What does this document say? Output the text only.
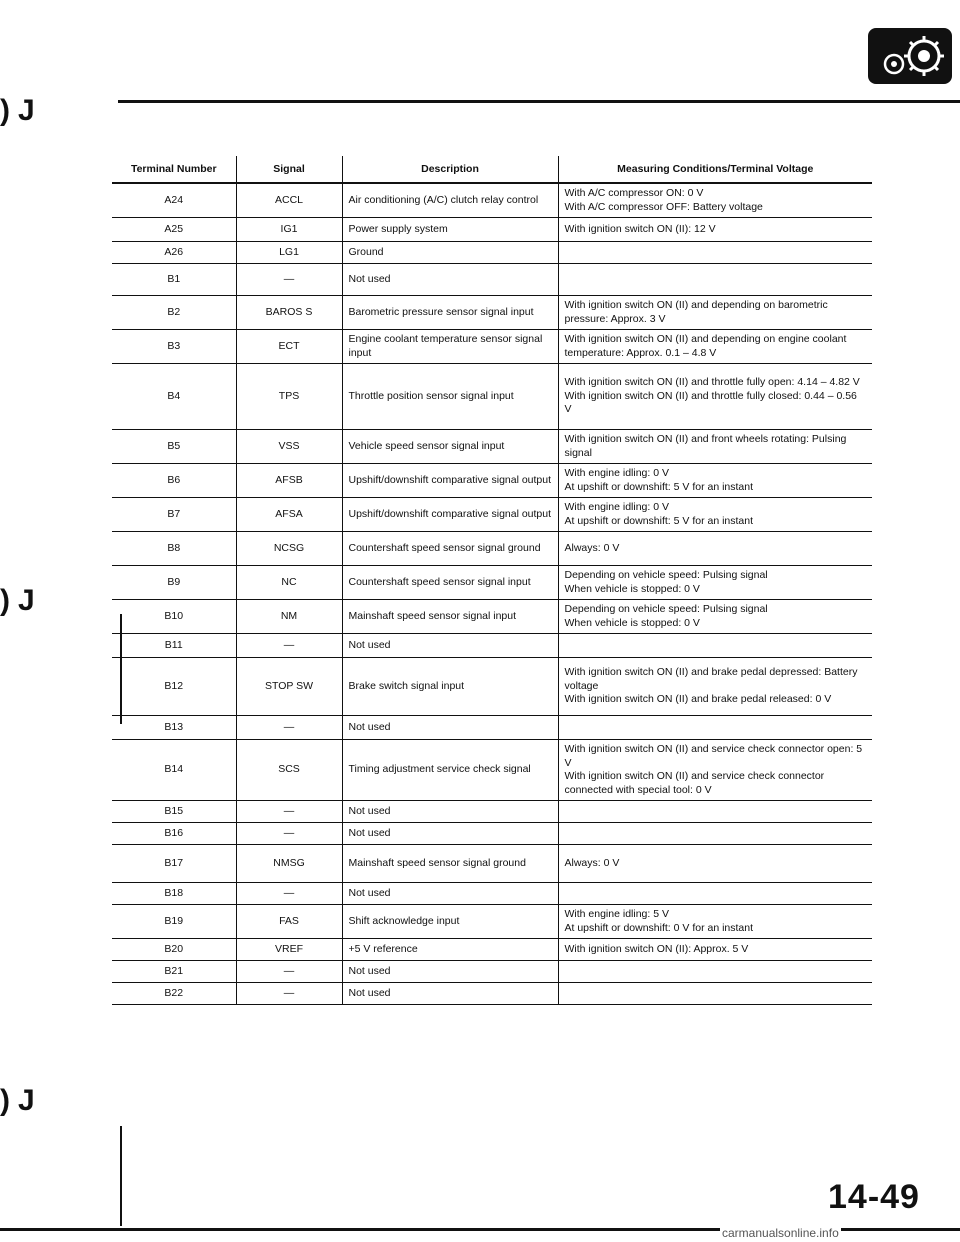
) J
) J
) J
Terminal Number	Signal	Description	Measuring Conditions/Terminal Voltage
A24	ACCL	Air conditioning (A/C) clutch relay control	With A/C compressor ON: 0 V
With A/C compressor OFF: Battery voltage
A25	IG1	Power supply system	With ignition switch ON (II): 12 V
A26	LG1	Ground	
B1	—	Not used	
B2	BAROS S	Barometric pressure sensor signal input	With ignition switch ON (II) and depending on barometric pressure: Approx. 3 V
B3	ECT	Engine coolant temperature sensor signal input	With ignition switch ON (II) and depending on engine coolant temperature: Approx. 0.1 – 4.8 V
B4	TPS	Throttle position sensor signal input	With ignition switch ON (II) and throttle fully open: 4.14 – 4.82 V
With ignition switch ON (II) and throttle fully closed: 0.44 – 0.56 V
B5	VSS	Vehicle speed sensor signal input	With ignition switch ON (II) and front wheels rotating: Pulsing signal
B6	AFSB	Upshift/downshift comparative signal output	With engine idling: 0 V
At upshift or downshift: 5 V for an instant
B7	AFSA	Upshift/downshift comparative signal output	With engine idling: 0 V
At upshift or downshift: 5 V for an instant
B8	NCSG	Countershaft speed sensor signal ground	Always: 0 V
B9	NC	Countershaft speed sensor signal input	Depending on vehicle speed: Pulsing signal
When vehicle is stopped: 0 V
B10	NM	Mainshaft speed sensor signal input	Depending on vehicle speed: Pulsing signal
When vehicle is stopped: 0 V
B11	—	Not used	
B12	STOP SW	Brake switch signal input	With ignition switch ON (II) and brake pedal depressed: Battery voltage
With ignition switch ON (II) and brake pedal released: 0 V
B13	—	Not used	
B14	SCS	Timing adjustment service check signal	With ignition switch ON (II) and service check connector open: 5 V
With ignition switch ON (II) and service check connector connected with special tool: 0 V
B15	—	Not used	
B16	—	Not used	
B17	NMSG	Mainshaft speed sensor signal ground	Always: 0 V
B18	—	Not used	
B19	FAS	Shift acknowledge input	With engine idling: 5 V
At upshift or downshift: 0 V for an instant
B20	VREF	+5 V reference	With ignition switch ON (II): Approx. 5 V
B21	—	Not used	
B22	—	Not used	
14-49
carmanualsonline.info
